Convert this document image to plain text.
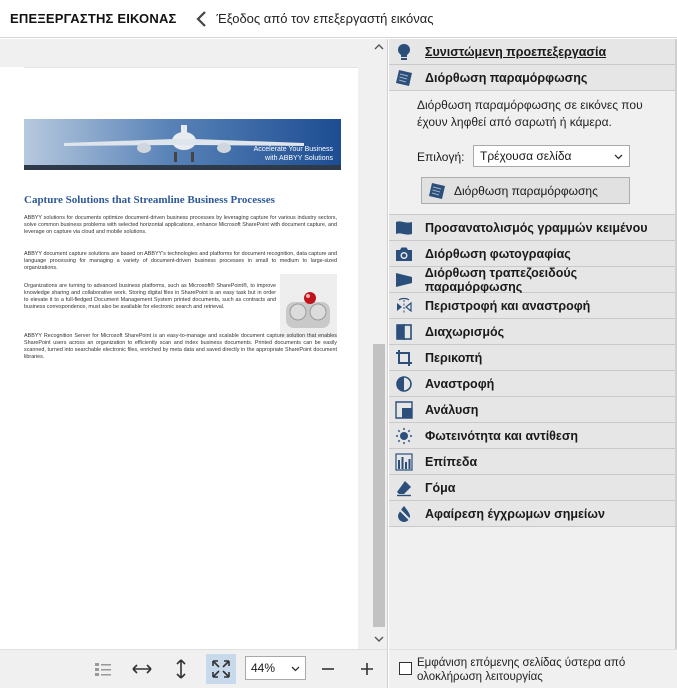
ΕΠΕΞΕΡΓΑΣΤΗΣ ΕΙΚΟΝΑΣ	Έξοδος από τον επεξεργαστή εικόνας
Accelerate Your Business
with ABBYY Solutions
Capture Solutions that Streamline Business Processes
ABBYY solutions for documents optimize document-driven business processes by leveraging capture for various industry sectors, solve common business problems with selected horizontal applications, enhance Microsoft SharePoint with document capture, and leverage on capture via cloud and mobile solutions.
ABBYY document capture solutions are based on ABBYY's technologies and platforms for document recognition, data capture and language processing for managing a variety of document-driven business processes in small to medium to large-sized organizations.
Organizations are turning to advanced business platforms, such as Microsoft® SharePoint®, to improve knowledge sharing and collaborative work. Storing digital files in SharePoint is an easy task but in order to elevate it to a full-fledged Document Management System printed documents, such as contracts and business correspondence, must also be available for electronic search and retrieval.
ABBYY Recognition Server for Microsoft SharePoint is an easy-to-manage and scalable document capture solution that enables SharePoint users across an organization to efficiently scan and index business documents. Printed documents can be easily scanned, turned into searchable electronic files, enriched by meta data and saved directly in the appropriate SharePoint document libraries.
44%
Συνιστώμενη προεπεξεργασία
Διόρθωση παραμόρφωσης
Διόρθωση παραμόρφωσης σε εικόνες που έχουν ληφθεί από σαρωτή ή κάμερα.
Επιλογή: Τρέχουσα σελίδα
Διόρθωση παραμόρφωσης
Προσανατολισμός γραμμών κειμένου
Διόρθωση φωτογραφίας
Διόρθωση τραπεζοειδούς παραμόρφωσης
Περιστροφή και αναστροφή
Διαχωρισμός
Περικοπή
Αναστροφή
Ανάλυση
Φωτεινότητα και αντίθεση
Επίπεδα
Γόμα
Αφαίρεση έγχρωμων σημείων
Εμφάνιση επόμενης σελίδας ύστερα από ολοκλήρωση λειτουργίας
